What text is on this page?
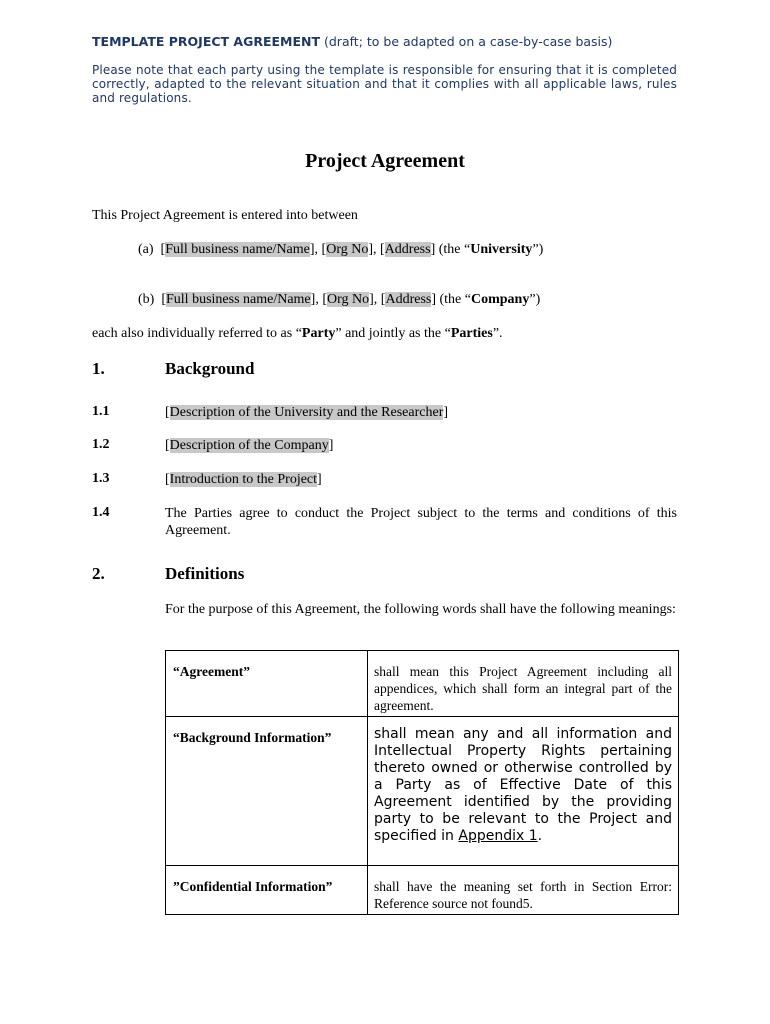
TEMPLATE PROJECT AGREEMENT (draft; to be adapted on a case-by-case basis)
Please note that each party using the template is responsible for ensuring that it is completed correctly, adapted to the relevant situation and that it complies with all applicable laws, rules and regulations.
Project Agreement
This Project Agreement is entered into between
(a)  [Full business name/Name], [Org No], [Address] (the “University”)
(b)  [Full business name/Name], [Org No], [Address] (the “Company”)
each also individually referred to as “Party” and jointly as the “Parties”.
1.	Background
1.1	[Description of the University and the Researcher]
1.2	[Description of the Company]
1.3	[Introduction to the Project]
1.4	The Parties agree to conduct the Project subject to the terms and conditions of this Agreement.
2.	Definitions
For the purpose of this Agreement, the following words shall have the following meanings:
“Agreement”	shall mean this Project Agreement including all appendices, which shall form an integral part of the agreement.

“Background Information”	shall mean any and all information and Intellectual Property Rights pertaining thereto owned or otherwise controlled by a Party as of Effective Date of this Agreement identified by the providing party to be relevant to the Project and specified in Appendix 1.

”Confidential Information”	shall have the meaning set forth in Section Error: Reference source not found5.
